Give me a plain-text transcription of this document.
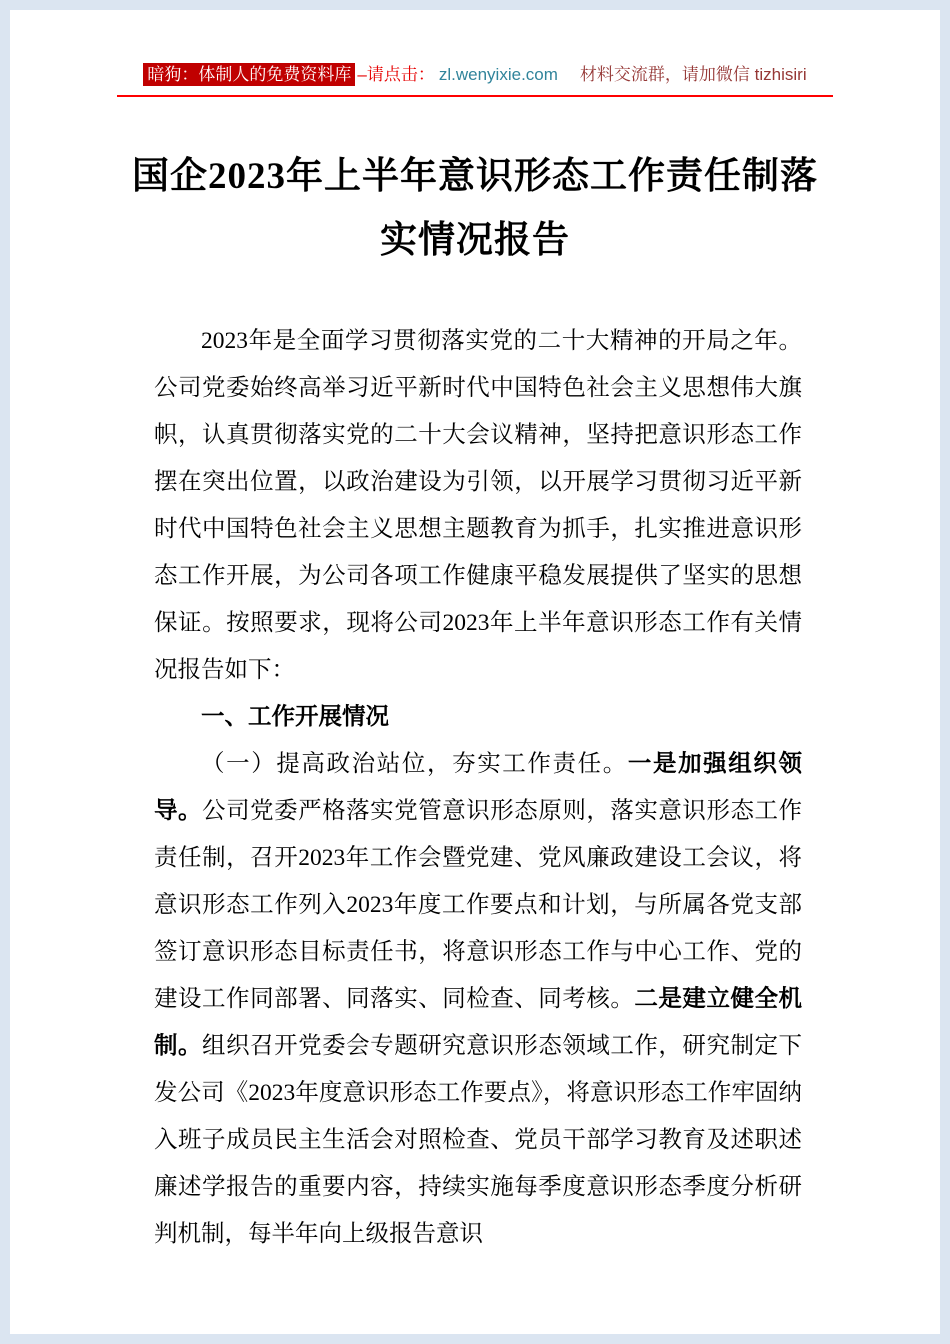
暗狗：体制人的免费资料库 –请点击： zl.wenyixie.com 材料交流群，请加微信 tizhisiri
国企2023年上半年意识形态工作责任制落实情况报告

2023年是全面学习贯彻落实党的二十大精神的开局之年。公司党委始终高举习近平新时代中国特色社会主义思想伟大旗帜，认真贯彻落实党的二十大会议精神，坚持把意识形态工作摆在突出位置，以政治建设为引领，以开展学习贯彻习近平新时代中国特色社会主义思想主题教育为抓手，扎实推进意识形态工作开展，为公司各项工作健康平稳发展提供了坚实的思想保证。按照要求，现将公司2023年上半年意识形态工作有关情况报告如下：

一、工作开展情况

（一）提高政治站位，夯实工作责任。一是加强组织领导。公司党委严格落实党管意识形态原则，落实意识形态工作责任制，召开2023年工作会暨党建、党风廉政建设工会议，将意识形态工作列入2023年度工作要点和计划，与所属各党支部签订意识形态目标责任书，将意识形态工作与中心工作、党的建设工作同部署、同落实、同检查、同考核。二是建立健全机制。组织召开党委会专题研究意识形态领域工作，研究制定下发公司《2023年度意识形态工作要点》，将意识形态工作牢固纳入班子成员民主生活会对照检查、党员干部学习教育及述职述廉述学报告的重要内容，持续实施每季度意识形态季度分析研判机制，每半年向上级报告意识
